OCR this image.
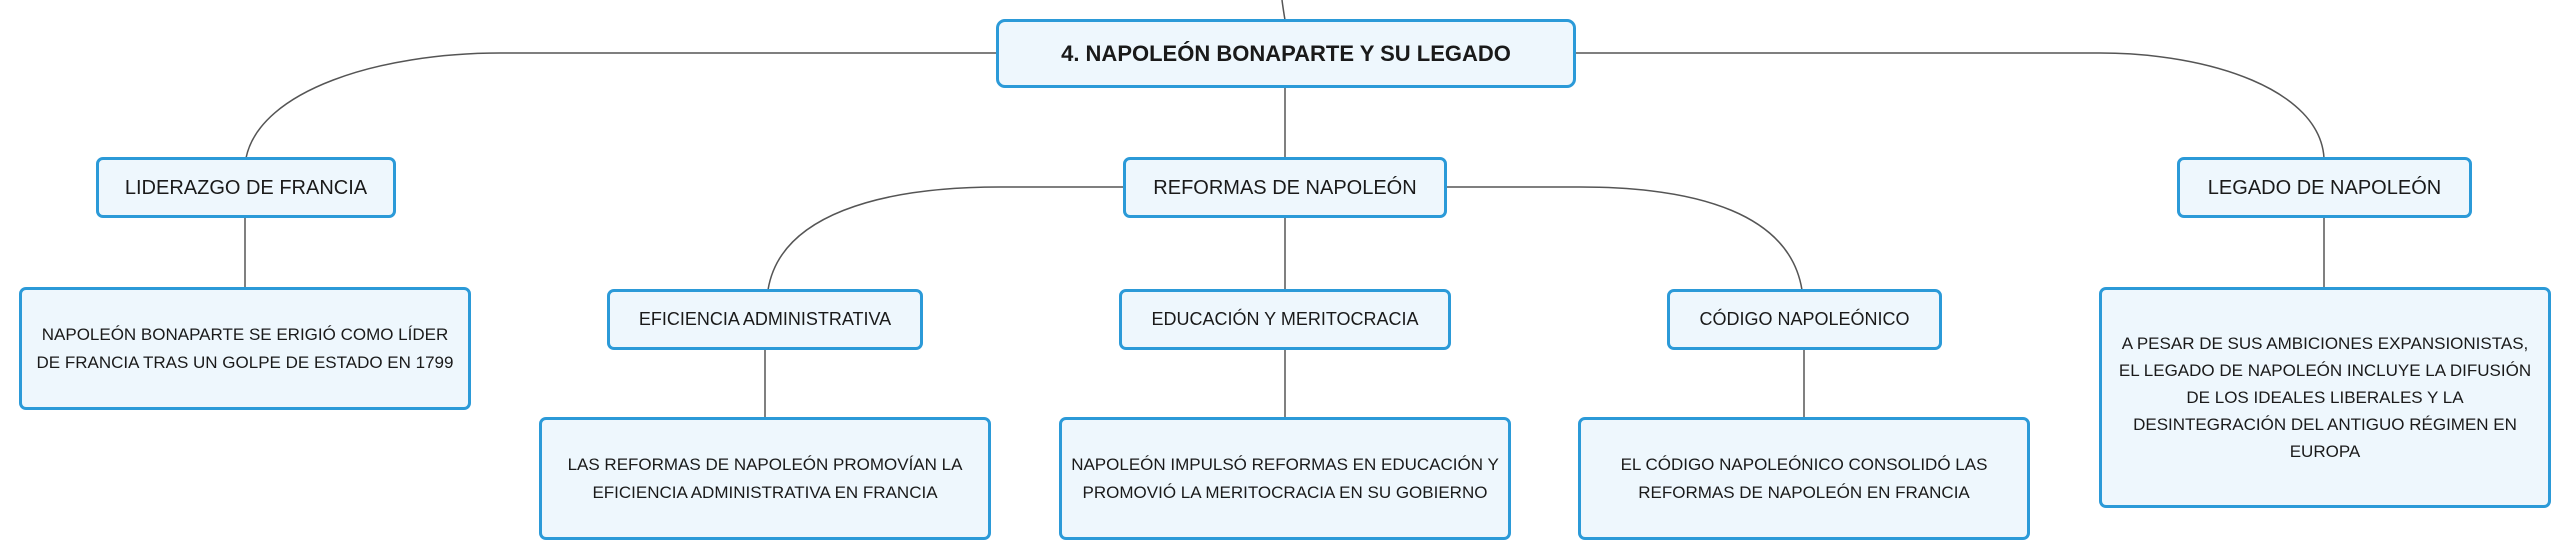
4. NAPOLEÓN BONAPARTE Y SU LEGADO
LIDERAZGO DE FRANCIA	REFORMAS DE NAPOLEÓN	LEGADO DE NAPOLEÓN
EFICIENCIA ADMINISTRATIVA	EDUCACIÓN Y MERITOCRACIA	CÓDIGO NAPOLEÓNICO
NAPOLEÓN BONAPARTE SE ERIGIÓ COMO LÍDER DE FRANCIA TRAS UN GOLPE DE ESTADO EN 1799
A PESAR DE SUS AMBICIONES EXPANSIONISTAS, EL LEGADO DE NAPOLEÓN INCLUYE LA DIFUSIÓN DE LOS IDEALES LIBERALES Y LA DESINTEGRACIÓN DEL ANTIGUO RÉGIMEN EN EUROPA
LAS REFORMAS DE NAPOLEÓN PROMOVÍAN LA EFICIENCIA ADMINISTRATIVA EN FRANCIA
NAPOLEÓN IMPULSÓ REFORMAS EN EDUCACIÓN Y PROMOVIÓ LA MERITOCRACIA EN SU GOBIERNO
EL CÓDIGO NAPOLEÓNICO CONSOLIDÓ LAS REFORMAS DE NAPOLEÓN EN FRANCIA
